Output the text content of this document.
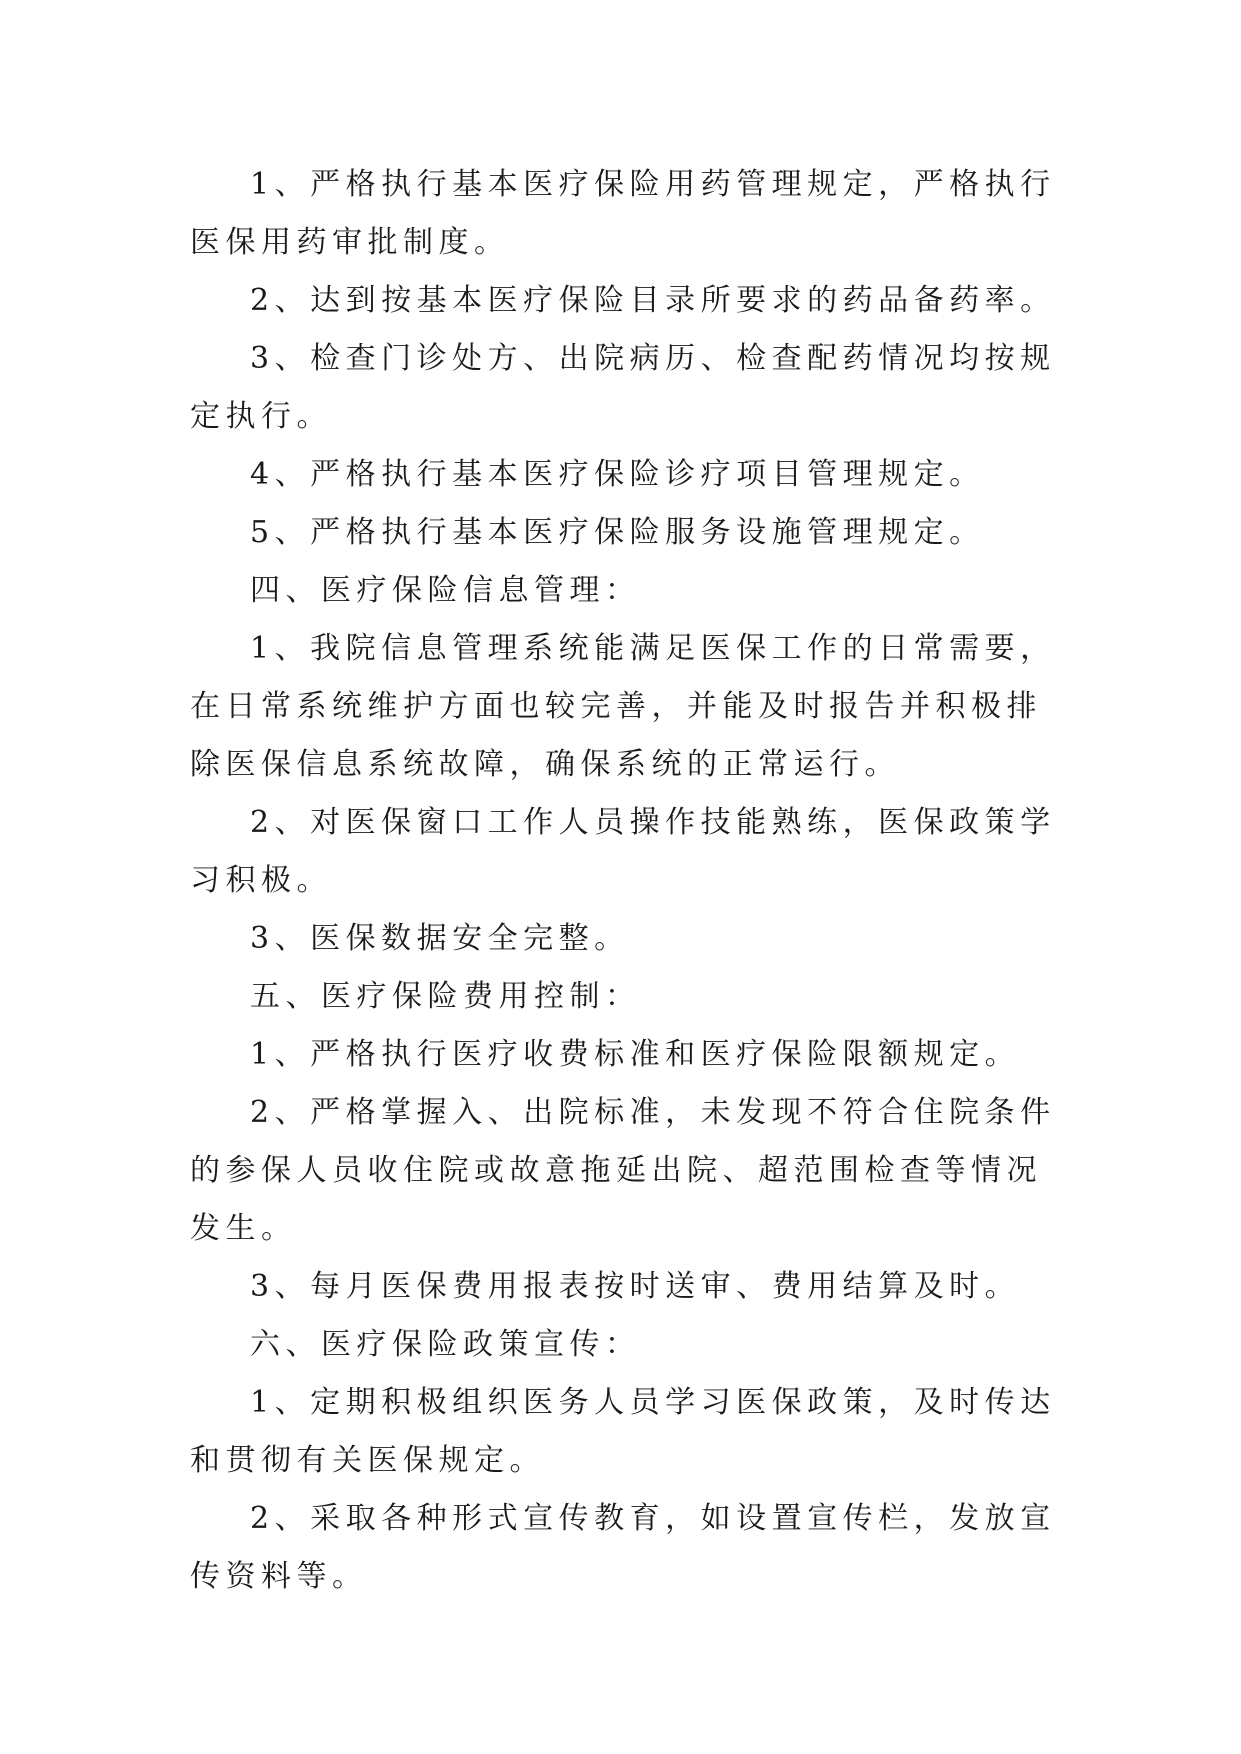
1、严格执行基本医疗保险用药管理规定，严格执行医保用药审批制度。

2、达到按基本医疗保险目录所要求的药品备药率。

3、检查门诊处方、出院病历、检查配药情况均按规定执行。

4、严格执行基本医疗保险诊疗项目管理规定。

5、严格执行基本医疗保险服务设施管理规定。

四、医疗保险信息管理：

1、我院信息管理系统能满足医保工作的日常需要，在日常系统维护方面也较完善，并能及时报告并积极排除医保信息系统故障，确保系统的正常运行。

2、对医保窗口工作人员操作技能熟练，医保政策学习积极。

3、医保数据安全完整。

五、医疗保险费用控制：

1、严格执行医疗收费标准和医疗保险限额规定。

2、严格掌握入、出院标准，未发现不符合住院条件的参保人员收住院或故意拖延出院、超范围检查等情况发生。

3、每月医保费用报表按时送审、费用结算及时。

六、医疗保险政策宣传：

1、定期积极组织医务人员学习医保政策，及时传达和贯彻有关医保规定。

2、采取各种形式宣传教育，如设置宣传栏，发放宣传资料等。
